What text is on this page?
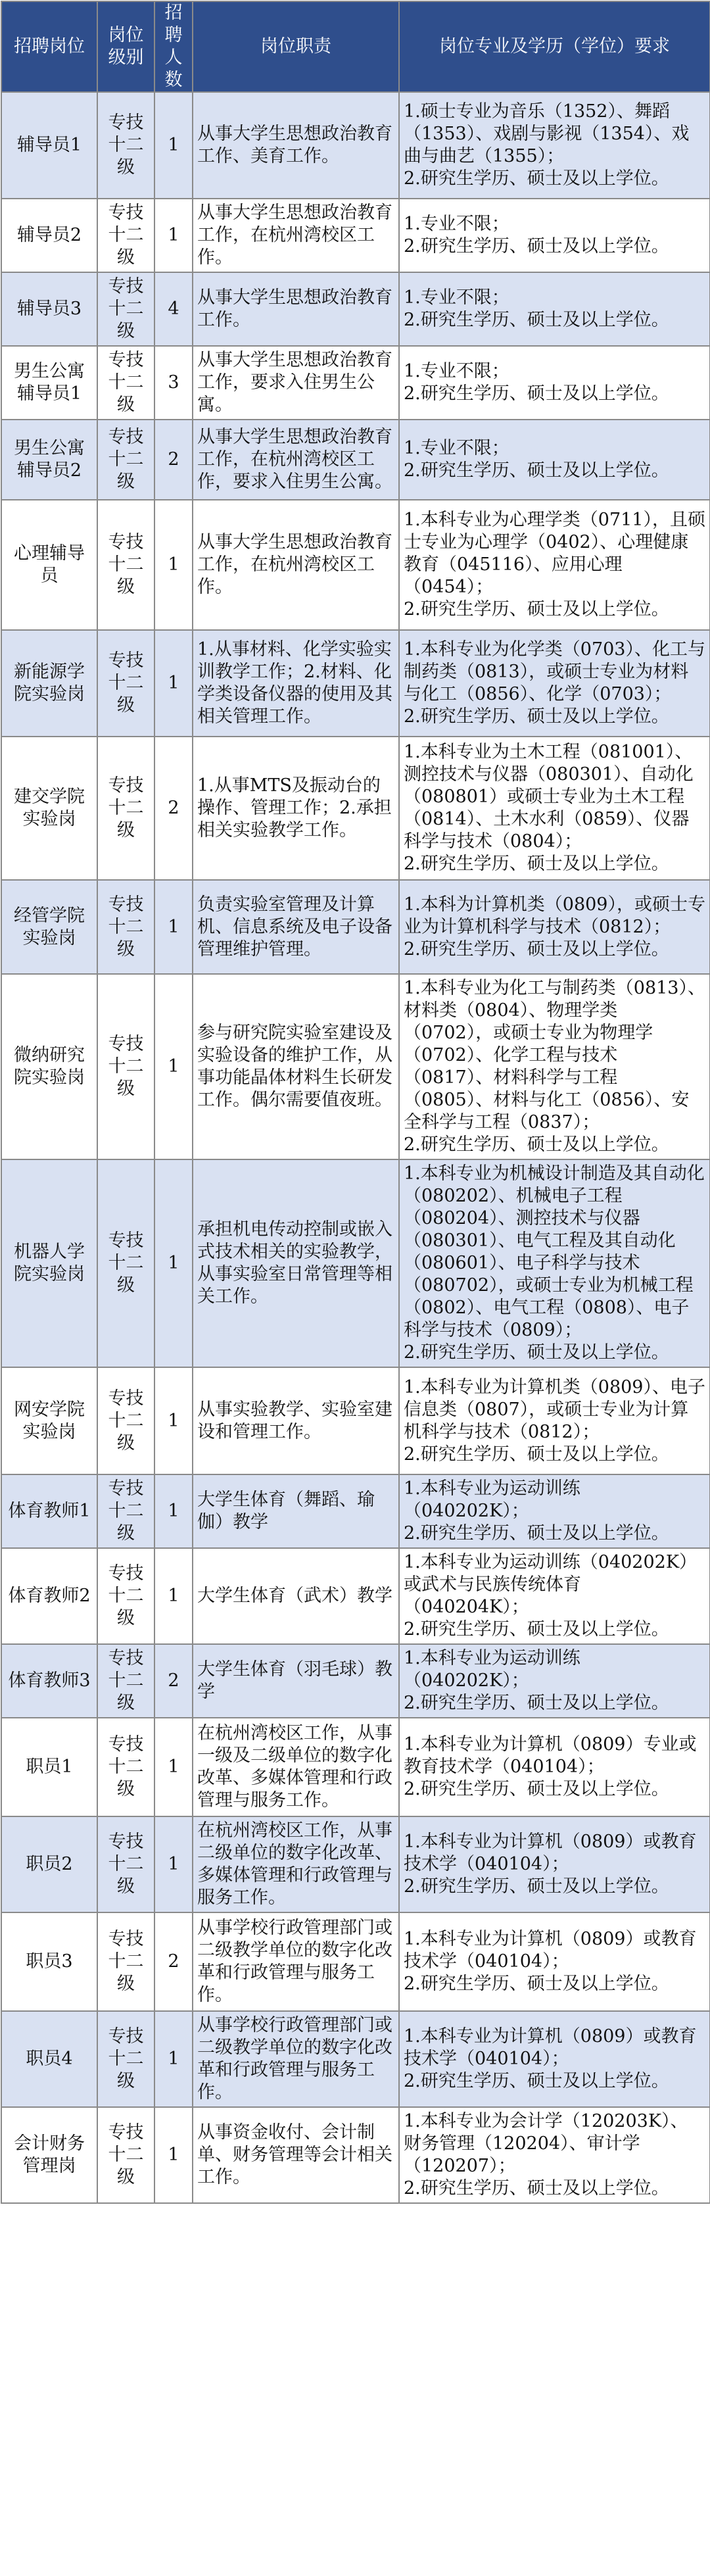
招聘岗位	岗位级别	招聘人数	岗位职责	岗位专业及学历（学位）要求
辅导员1	专技十二级	1	从事大学生思想政治教育工作、美育工作。	1.硕士专业为音乐（1352）、舞蹈（1353）、戏剧与影视（1354）、戏曲与曲艺（1355）；
2.研究生学历、硕士及以上学位。

辅导员2	专技十二级	1	从事大学生思想政治教育工作，在杭州湾校区工作。	1.专业不限；
2.研究生学历、硕士及以上学位。

辅导员3	专技十二级	4	从事大学生思想政治教育工作。	1.专业不限；
2.研究生学历、硕士及以上学位。

男生公寓辅导员1	专技十二级	3	从事大学生思想政治教育工作，要求入住男生公寓。	1.专业不限；
2.研究生学历、硕士及以上学位。

男生公寓辅导员2	专技十二级	2	从事大学生思想政治教育工作，在杭州湾校区工作，要求入住男生公寓。	1.专业不限；
2.研究生学历、硕士及以上学位。

心理辅导员	专技十二级	1	从事大学生思想政治教育工作，在杭州湾校区工作。	1.本科专业为心理学类（0711），且硕士专业为心理学（0402）、心理健康教育（045116）、应用心理（0454）；
2.研究生学历、硕士及以上学位。

新能源学院实验岗	专技十二级	1	1.从事材料、化学实验实训教学工作；2.材料、化学类设备仪器的使用及其相关管理工作。	1.本科专业为化学类（0703）、化工与制药类（0813），或硕士专业为材料与化工（0856）、化学（0703）；
2.研究生学历、硕士及以上学位。

建交学院实验岗	专技十二级	2	1.从事MTS及振动台的操作、管理工作；2.承担相关实验教学工作。	1.本科专业为土木工程（081001）、测控技术与仪器（080301）、自动化（080801）或硕士专业为土木工程（0814）、土木水利（0859）、仪器科学与技术（0804）；
2.研究生学历、硕士及以上学位。

经管学院实验岗	专技十二级	1	负责实验室管理及计算机、信息系统及电子设备管理维护管理。	1.本科为计算机类（0809），或硕士专业为计算机科学与技术（0812）；
2.研究生学历、硕士及以上学位。

微纳研究院实验岗	专技十二级	1	参与研究院实验室建设及实验设备的维护工作，从事功能晶体材料生长研发工作。偶尔需要值夜班。	1.本科专业为化工与制药类（0813）、材料类（0804）、物理学类（0702），或硕士专业为物理学（0702）、化学工程与技术（0817）、材料科学与工程（0805）、材料与化工（0856）、安全科学与工程（0837）；
2.研究生学历、硕士及以上学位。

机器人学院实验岗	专技十二级	1	承担机电传动控制或嵌入式技术相关的实验教学，从事实验室日常管理等相关工作。	1.本科专业为机械设计制造及其自动化（080202）、机械电子工程（080204）、测控技术与仪器（080301）、电气工程及其自动化（080601）、电子科学与技术（080702），或硕士专业为机械工程（0802）、电气工程（0808）、电子科学与技术（0809）；
2.研究生学历、硕士及以上学位。

网安学院实验岗	专技十二级	1	从事实验教学、实验室建设和管理工作。	1.本科专业为计算机类（0809）、电子信息类（0807），或硕士专业为计算机科学与技术（0812）；
2.研究生学历、硕士及以上学位。

体育教师1	专技十二级	1	大学生体育（舞蹈、瑜伽）教学	1.本科专业为运动训练（040202K）；
2.研究生学历、硕士及以上学位。

体育教师2	专技十二级	1	大学生体育（武术）教学	1.本科专业为运动训练（040202K）或武术与民族传统体育（040204K）；
2.研究生学历、硕士及以上学位。

体育教师3	专技十二级	2	大学生体育（羽毛球）教学	1.本科专业为运动训练（040202K）；
2.研究生学历、硕士及以上学位。

职员1	专技十二级	1	在杭州湾校区工作，从事一级及二级单位的数字化改革、多媒体管理和行政管理与服务工作。	1.本科专业为计算机（0809）专业或教育技术学（040104）；
2.研究生学历、硕士及以上学位。

职员2	专技十二级	1	在杭州湾校区工作，从事二级单位的数字化改革、多媒体管理和行政管理与服务工作。	1.本科专业为计算机（0809）或教育技术学（040104）；
2.研究生学历、硕士及以上学位。

职员3	专技十二级	2	从事学校行政管理部门或二级教学单位的数字化改革和行政管理与服务工作。	1.本科专业为计算机（0809）或教育技术学（040104）；
2.研究生学历、硕士及以上学位。

职员4	专技十二级	1	从事学校行政管理部门或二级教学单位的数字化改革和行政管理与服务工作。	1.本科专业为计算机（0809）或教育技术学（040104）；
2.研究生学历、硕士及以上学位。

会计财务管理岗	专技十二级	1	从事资金收付、会计制单、财务管理等会计相关工作。	1.本科专业为会计学（120203K）、财务管理（120204）、审计学（120207）；
2.研究生学历、硕士及以上学位。
